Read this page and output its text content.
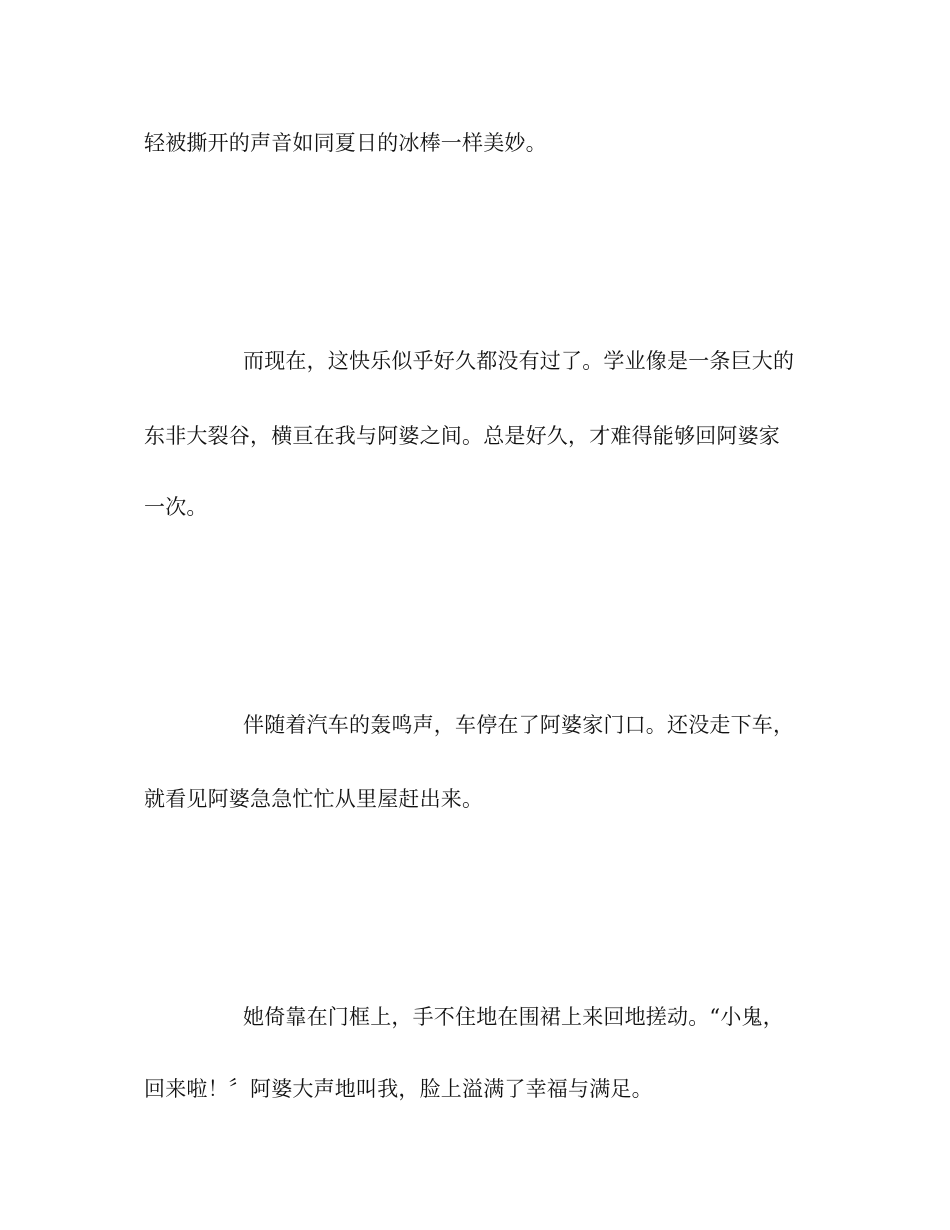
轻被撕开的声音如同夏日的冰棒一样美妙。
而现在，这快乐似乎好久都没有过了。学业像是一条巨大的
东非大裂谷，横亘在我与阿婆之间。总是好久，才难得能够回阿婆家
一次。
伴随着汽车的轰鸣声，车停在了阿婆家门口。还没走下车，
就看见阿婆急急忙忙从里屋赶出来。
她倚靠在门框上，手不住地在围裙上来回地搓动。“小鬼，
回来啦！〞阿婆大声地叫我，脸上溢满了幸福与满足。
